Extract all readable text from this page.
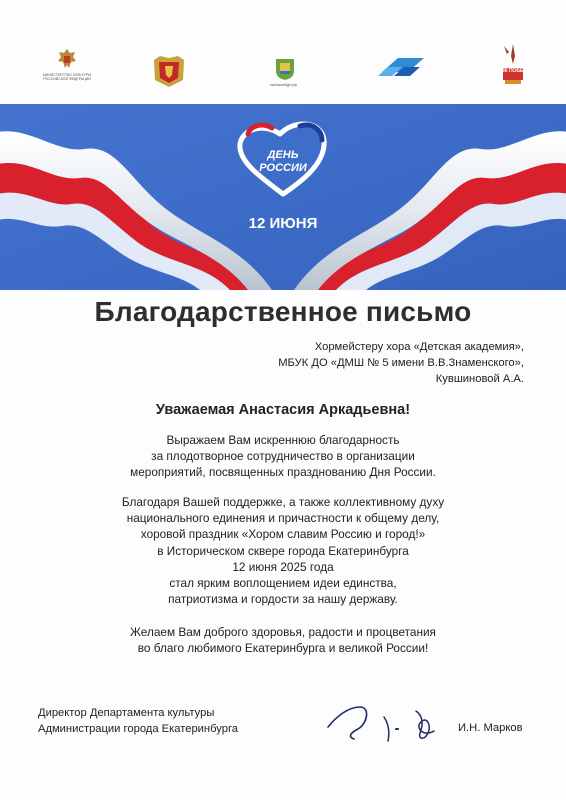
МИНИСТЕРСТВО КУЛЬТУРЫ РОССИЙСКОЙ ФЕДЕРАЦИИ
екатеринбург.рф
80 ПОБЕДА
ДЕНЬ
РОССИИ
12 ИЮНЯ
Благодарственное письмо
Хормейстеру хора «Детская академия»,
МБУК ДО «ДМШ № 5 имени В.В.Знаменского»,
Кувшиновой А.А.
Уважаемая Анастасия Аркадьевна!
Выражаем Вам искреннюю благодарность
за плодотворное сотрудничество в организации
мероприятий, посвященных празднованию Дня России.
Благодаря Вашей поддержке, а также коллективному духу
национального единения и причастности к общему делу,
хоровой праздник «Хором славим Россию и город!»
в Историческом сквере города Екатеринбурга
12 июня 2025 года
стал ярким воплощением идеи единства,
патриотизма и гордости за нашу державу.
Желаем Вам доброго здоровья, радости и процветания
во благо любимого Екатеринбурга и великой России!
Директор Департамента культуры
Администрации города Екатеринбурга	И.Н. Марков
